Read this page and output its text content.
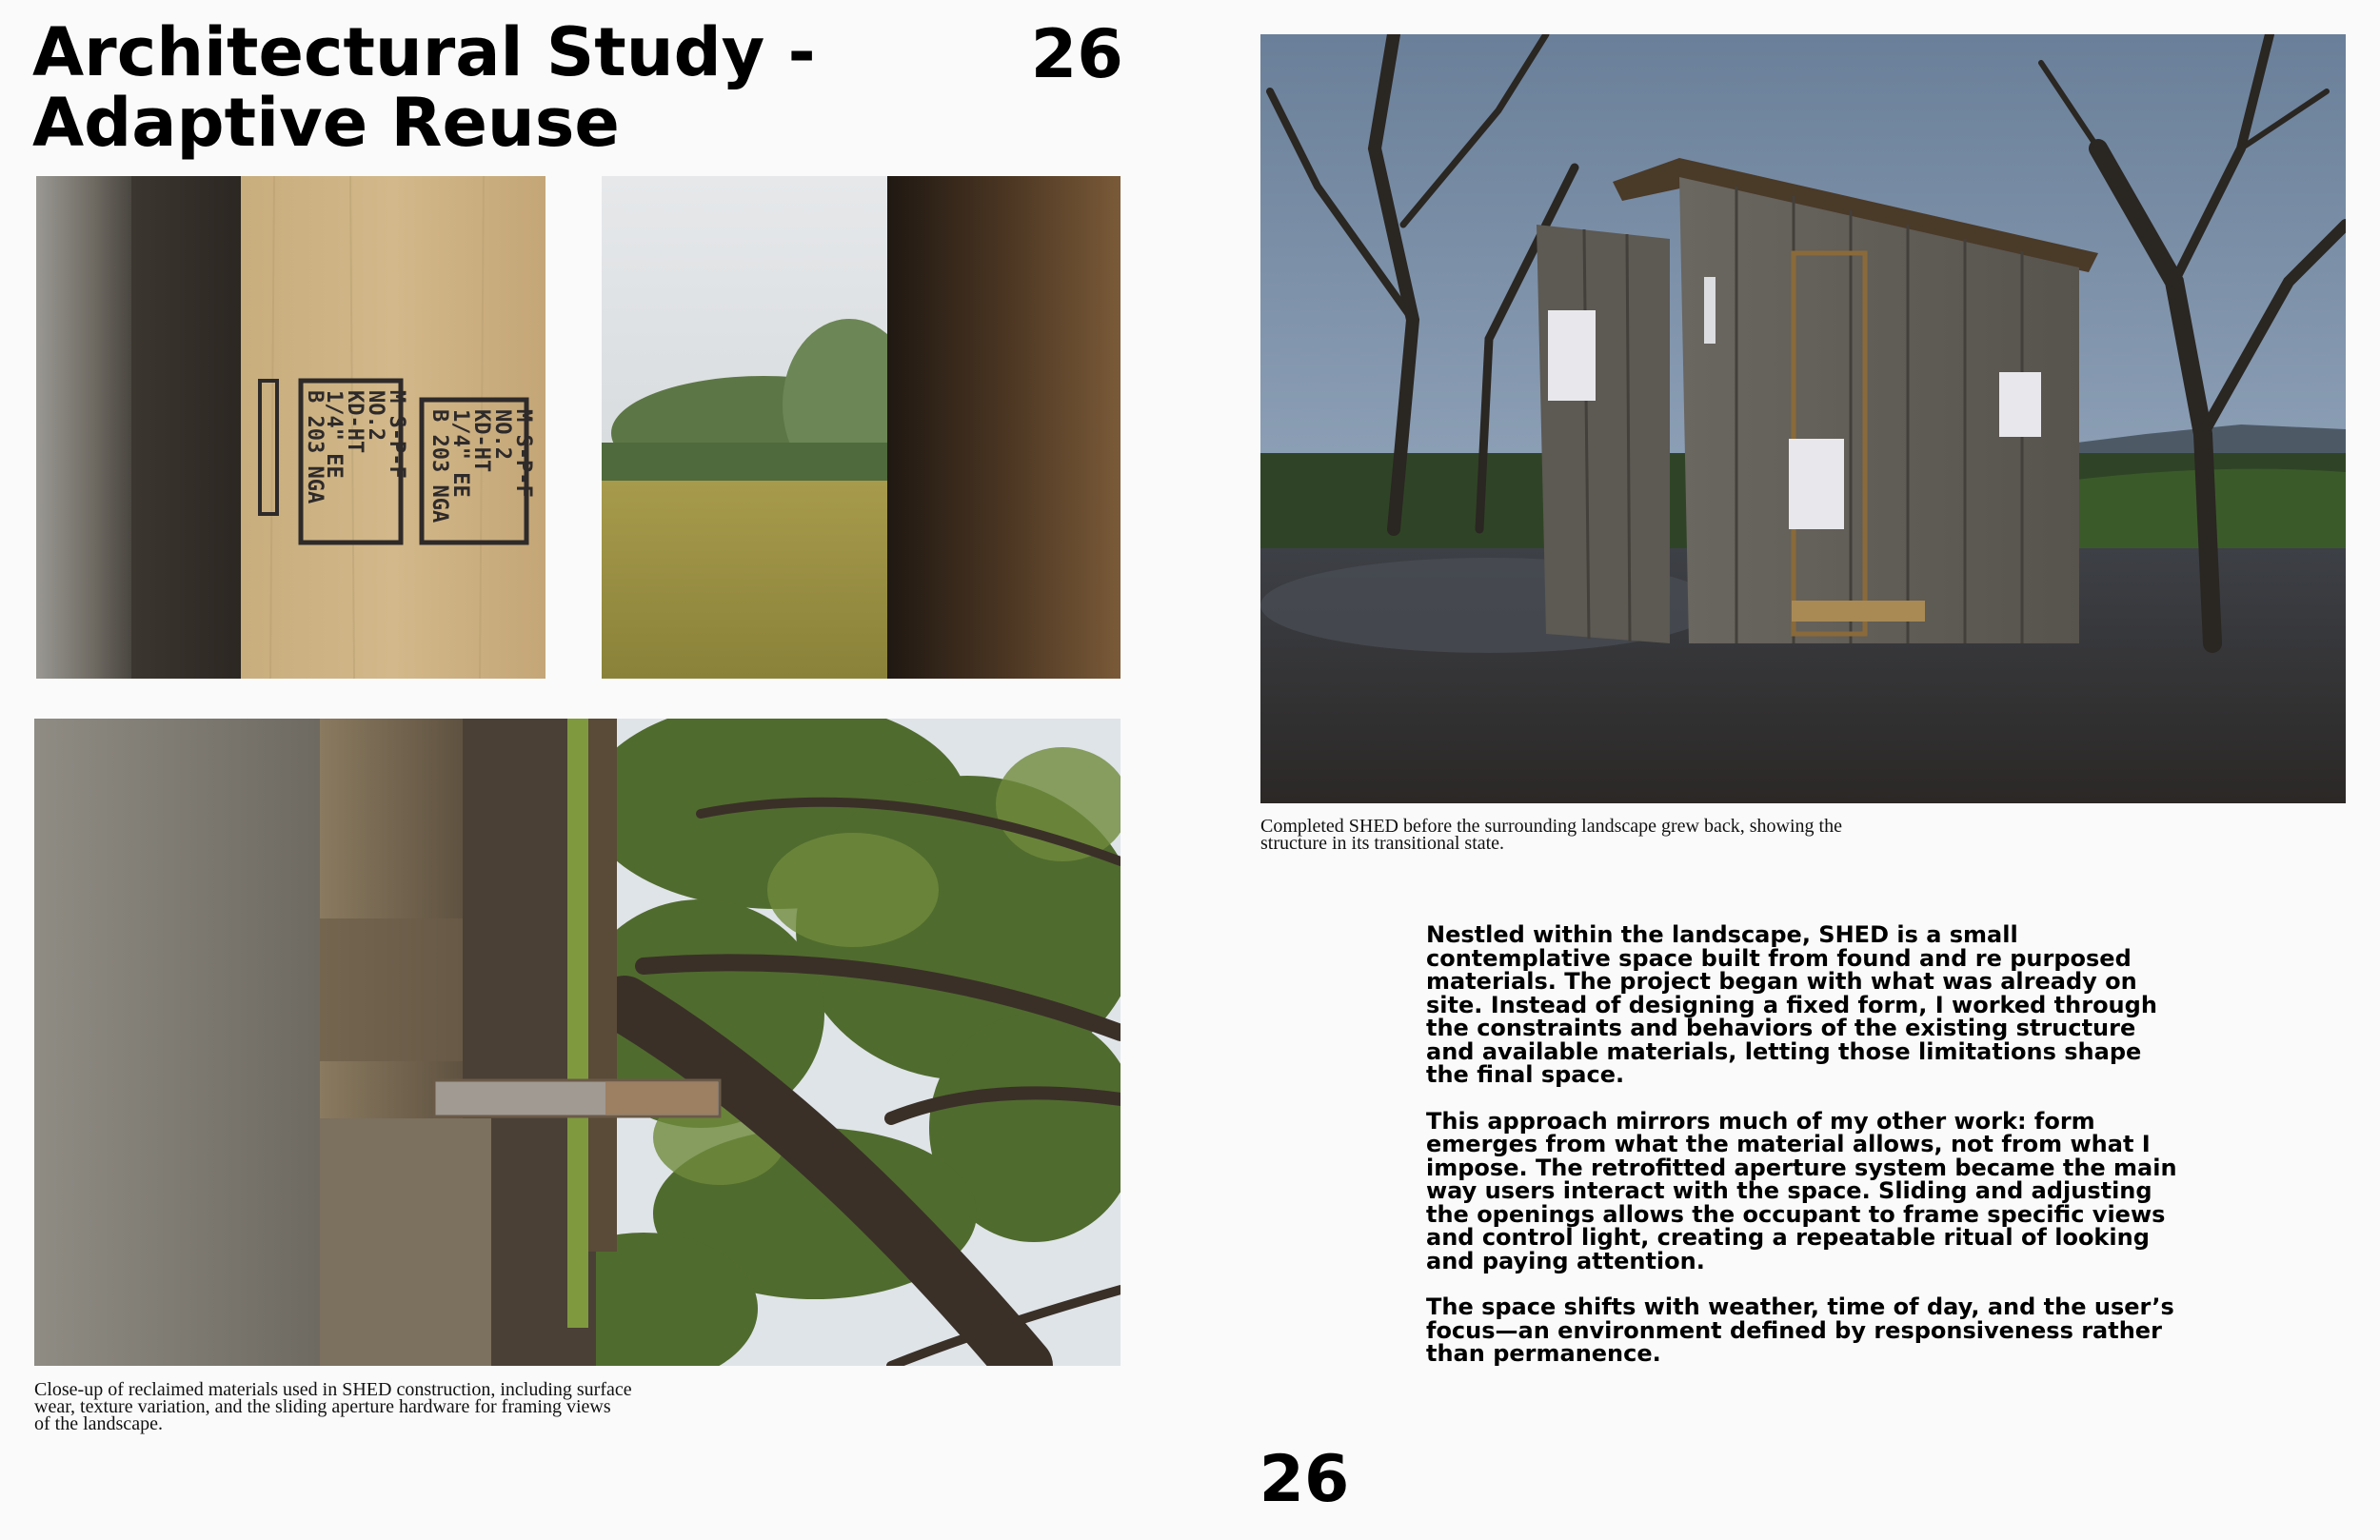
Architectural Study -
Adaptive Reuse
26
M S-P-F
NO.2
KD-HT
1/4" EE
B 203 NGA	M S-P-F
NO.2
KD-HT
1/4" EE
B 203 NGA
Close-up of reclaimed materials used in SHED construction, including surface
wear, texture variation, and the sliding aperture hardware for framing views
of the landscape.
Completed SHED before the surrounding landscape grew back, showing the
structure in its transitional state.

Nestled within the landscape, SHED is a small
contemplative space built from found and re purposed
materials. The project began with what was already on
site. Instead of designing a fixed form, I worked through
the constraints and behaviors of the existing structure
and available materials, letting those limitations shape
the final space.

This approach mirrors much of my other work: form
emerges from what the material allows, not from what I
impose. The retrofitted aperture system became the main
way users interact with the space. Sliding and adjusting
the openings allows the occupant to frame specific views
and control light, creating a repeatable ritual of looking
and paying attention.

The space shifts with weather, time of day, and the user’s
focus—an environment defined by responsiveness rather
than permanence.

26
